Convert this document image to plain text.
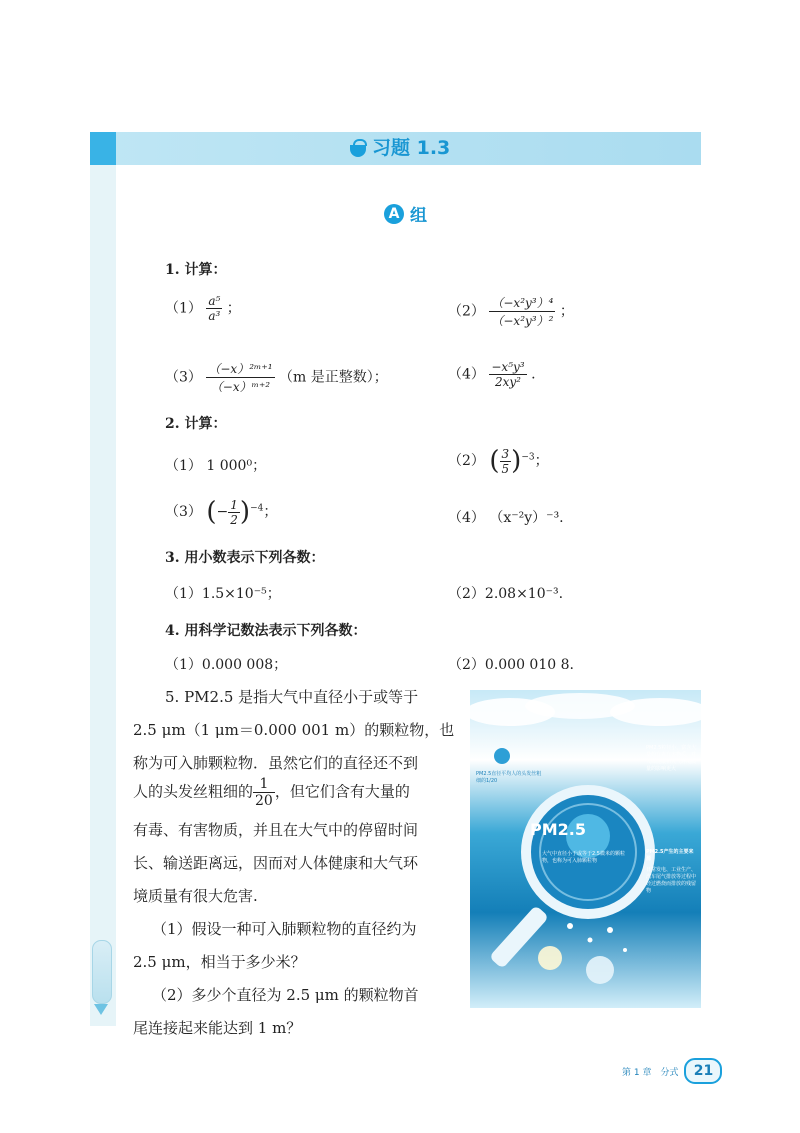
习题 1.3
A 组
1. 计算：
$(1) \frac{\text{a⁵}}{\text{a³}}$ ；	$(2) \frac{\text{（−x²y³）⁴}}{\text{（−x²y³）²}}$ ；
$(3) \frac{\text{（−x）²ᵐ⁺¹}}{\text{（−x）ᵐ⁺²}} (m$ 是正整数）；	$(4) \frac{\text{−x⁵y³}}{\text{2xy²}}$ .
2. 计算：
（1） 1 000⁰；	（2） ( $\frac{3}{5} )^{-3}$；
（3） (− $\frac{1}{2} )^{-4}$；	（4） （x⁻²y）⁻³.
3. 用小数表示下列各数：
（1）1.5×10⁻⁵；	（2）2.08×10⁻³.
4. 用科学记数法表示下列各数：
（1）0.000 008；	（2）0.000 010 8.
5. PM2.5 是指大气中直径小于或等于
2.5 μm（1 μm＝0.000 001 m）的颗粒物，也
称为可入肺颗粒物．虽然它们的直径还不到
人的头发丝粗细的 $\frac{1}{20}$ ，但它们含有大量的
有毒、有害物质，并且在大气中的停留时间
长、输送距离远，因而对人体健康和大气环
境质量有很大危害.
（1）假设一种可入肺颗粒物的直径约为
2.5 μm，相当于多少米？
（2）多少个直径为 2.5 μm 的颗粒物首
尾连接起来能达到 1 m？
PM2.5
PM2.5直径平均人的头发丝粗细的1/20
PM2.5粒径小，富含大量的有毒有害物质，对人体健康和大气环境质量的影响更大
大气中直径小于或等于2.5微米的颗粒物，也称为可入肺颗粒物
PM2.5产生的主要来源
日常发电、工业生产、汽车尾气排放等过程中经过燃烧而排放的残留物
第 1 章　分式	21
